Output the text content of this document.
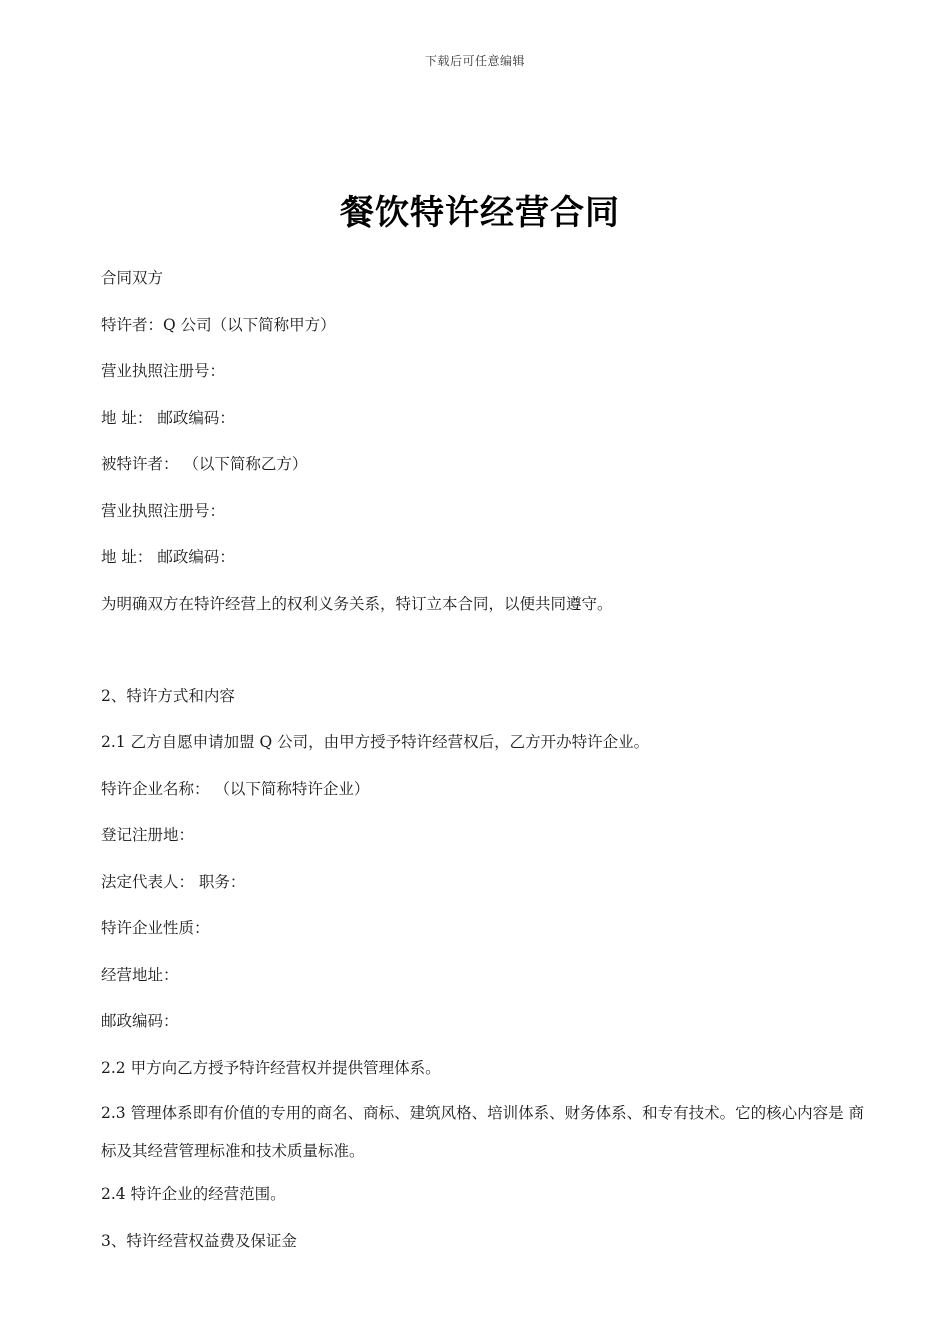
下载后可任意编辑
餐饮特许经营合同

合同双方

特许者：Q 公司（以下简称甲方）

营业执照注册号：

地 址： 邮政编码：

被特许者： （以下简称乙方）

营业执照注册号：

地 址： 邮政编码：

为明确双方在特许经营上的权利义务关系，特订立本合同，以便共同遵守。

2、特许方式和内容

2.1 乙方自愿申请加盟 Q 公司，由甲方授予特许经营权后，乙方开办特许企业。

特许企业名称： （以下简称特许企业）

登记注册地：

法定代表人： 职务：

特许企业性质：

经营地址：

邮政编码：

2.2 甲方向乙方授予特许经营权并提供管理体系。

2.3 管理体系即有价值的专用的商名、商标、建筑风格、培训体系、财务体系、和专有技术。它的核心内容是 商标及其经营管理标准和技术质量标准。

2.4 特许企业的经营范围。

3、特许经营权益费及保证金
